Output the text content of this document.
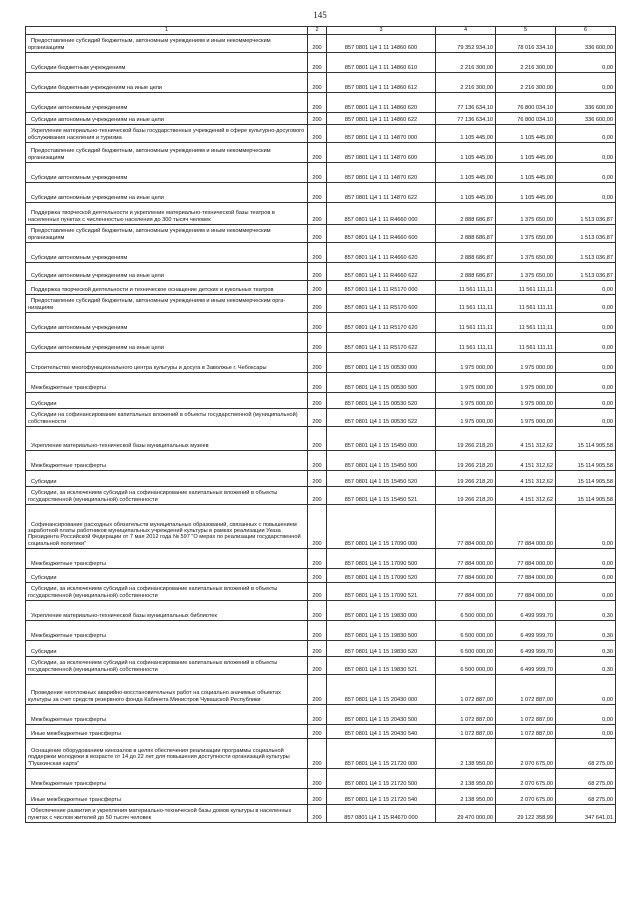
145
1	2	3	4	5	6

Предоставление субсидий бюджетным, автономным учреждениям и иным некоммерческим организациям	200	857 0801 Ц4 1 11 14860 600	79 352 934,10	78 016 334,10	336 600,00

Субсидии бюджетным учреждениям	200	857 0801 Ц4 1 11 14860 610	2 216 300,00	2 216 300,00	0,00

Субсидии бюджетным учреждениям на иные цели	200	857 0801 Ц4 1 11 14860 612	2 216 300,00	2 216 300,00	0,00

Субсидии автономным учреждениям	200	857 0801 Ц4 1 11 14860 620	77 136 634,10	76 800 034,10	336 600,00

Субсидии автономным учреждениям на иные цели	200	857 0801 Ц4 1 11 14860 622	77 136 634,10	76 800 034,10	336 600,00

Укрепление материально-технической базы государственных учреждений в сфере культурно-досугового обслуживания населения и туризма	200	857 0801 Ц4 1 11 14870 000	1 105 445,00	1 105 445,00	0,00

Предоставление субсидий бюджетным, автономным учреждениям и иным некоммерческим организациям	200	857 0801 Ц4 1 11 14870 600	1 105 445,00	1 105 445,00	0,00

Субсидии автономным учреждениям	200	857 0801 Ц4 1 11 14870 620	1 105 445,00	1 105 445,00	0,00

Субсидии автономным учреждениям на иные цели	200	857 0801 Ц4 1 11 14870 622	1 105 445,00	1 105 445,00	0,00

Поддержка творческой деятельности и укрепление материально-технической базы театров в населенных пунктах с численностью населения до 300 тысяч человек	200	857 0801 Ц4 1 11 R4660 000	2 888 686,87	1 375 650,00	1 513 036,87

Предоставление субсидий бюджетным, автономным учреждениям и иным некоммерческим организациям	200	857 0801 Ц4 1 11 R4660 600	2 888 686,87	1 375 650,00	1 513 036,87

Субсидии автономным учреждениям	200	857 0801 Ц4 1 11 R4660 620	2 888 686,87	1 375 650,00	1 513 036,87

Субсидии автономным учреждениям на иные цели	200	857 0801 Ц4 1 11 R4660 622	2 888 686,87	1 375 650,00	1 513 036,87

Поддержка творческой деятельности и техническое оснащение детских и кукольных театров	200	857 0801 Ц4 1 11 R5170 000	11 561 111,11	11 561 111,11	0,00

Предоставление субсидий бюджетным, автономным учреждениям и иным некоммерческим орга-низациям	200	857 0801 Ц4 1 11 R5170 600	11 561 111,11	11 561 111,11	0,00

Субсидии автономным учреждениям	200	857 0801 Ц4 1 11 R5170 620	11 561 111,11	11 561 111,11	0,00

Субсидии автономным учреждениям на иные цели	200	857 0801 Ц4 1 11 R5170 622	11 561 111,11	11 561 111,11	0,00

Строительство многофункционального центра культуры и досуга в Заволжье г. Чебоксары	200	857 0801 Ц4 1 15 00530 000	1 975 000,00	1 975 000,00	0,00

Межбюджетные трансферты	200	857 0801 Ц4 1 15 00530 500	1 975 000,00	1 975 000,00	0,00

Субсидии	200	857 0801 Ц4 1 15 00530 520	1 975 000,00	1 975 000,00	0,00

Субсидии на софинансирование капитальных вложений в объекты государственной (муниципальной) собственности	200	857 0801 Ц4 1 15 00530 522	1 975 000,00	1 975 000,00	0,00

Укрепление материально-технической базы муниципальных музеев	200	857 0801 Ц4 1 15 15450 000	19 266 218,20	4 151 312,62	15 114 905,58

Межбюджетные трансферты	200	857 0801 Ц4 1 15 15450 500	19 266 218,20	4 151 312,62	15 114 905,58

Субсидии	200	857 0801 Ц4 1 15 15450 520	19 266 218,20	4 151 312,62	15 114 905,58

Субсидии, за исключением субсидий на софинансирование капитальных вложений в объекты государственной (муниципальной) собственности	200	857 0801 Ц4 1 15 15450 521	19 266 218,20	4 151 312,62	15 114 905,58

Софинансирование расходных обязательств муниципальных образований, связанных с повышением заработной платы работников муниципальных учреждений культуры в рамках реализации Указа Президента Российской Федерации от 7 мая 2012 года № 597 "О мерах по реализации государственной социальной политики"	200	857 0801 Ц4 1 15 17090 000	77 884 000,00	77 884 000,00	0,00

Межбюджетные трансферты	200	857 0801 Ц4 1 15 17090 500	77 884 000,00	77 884 000,00	0,00

Субсидии	200	857 0801 Ц4 1 15 17090 520	77 884 000,00	77 884 000,00	0,00

Субсидии, за исключением субсидий на софинансирование капитальных вложений в объекты государственной (муниципальной) собственности	200	857 0801 Ц4 1 15 17090 521	77 884 000,00	77 884 000,00	0,00

Укрепление материально-технической базы муниципальных библиотек	200	857 0801 Ц4 1 15 19830 000	6 500 000,00	6 499 999,70	0,30

Межбюджетные трансферты	200	857 0801 Ц4 1 15 19830 500	6 500 000,00	6 499 999,70	0,30

Субсидии	200	857 0801 Ц4 1 15 19830 520	6 500 000,00	6 499 999,70	0,30

Субсидии, за исключением субсидий на софинансирование капитальных вложений в объекты государственной (муниципальной) собственности	200	857 0801 Ц4 1 15 19830 521	6 500 000,00	6 499 999,70	0,30

Проведение неотложных аварийно-восстановительных работ на социально значимых объектах культуры за счет средств резервного фонда Кабинета Министров Чувашской Республики	200	857 0801 Ц4 1 15 20430 000	1 072 887,00	1 072 887,00	0,00

Межбюджетные трансферты	200	857 0801 Ц4 1 15 20430 500	1 072 887,00	1 072 887,00	0,00

Иные межбюджетные трансферты	200	857 0801 Ц4 1 15 20430 540	1 072 887,00	1 072 887,00	0,00

Оснащение оборудованием кинозалов в целях обеспечения реализации программы социальной поддержки молодежи в возрасте от 14 до 22 лет для повышения доступности организаций культуры "Пушкинская карта"	200	857 0801 Ц4 1 15 21720 000	2 138 950,00	2 070 675,00	68 275,00

Межбюджетные трансферты	200	857 0801 Ц4 1 15 21720 500	2 138 950,00	2 070 675,00	68 275,00

Иные межбюджетные трансферты	200	857 0801 Ц4 1 15 21720 540	2 138 950,00	2 070 675,00	68 275,00

Обеспечение развития и укрепления материально-технической базы домов культуры в населенных пунктах с числом жителей до 50 тысяч человек	200	857 0801 Ц4 1 15 R4670 000	29 470 000,00	29 122 358,99	347 641,01
